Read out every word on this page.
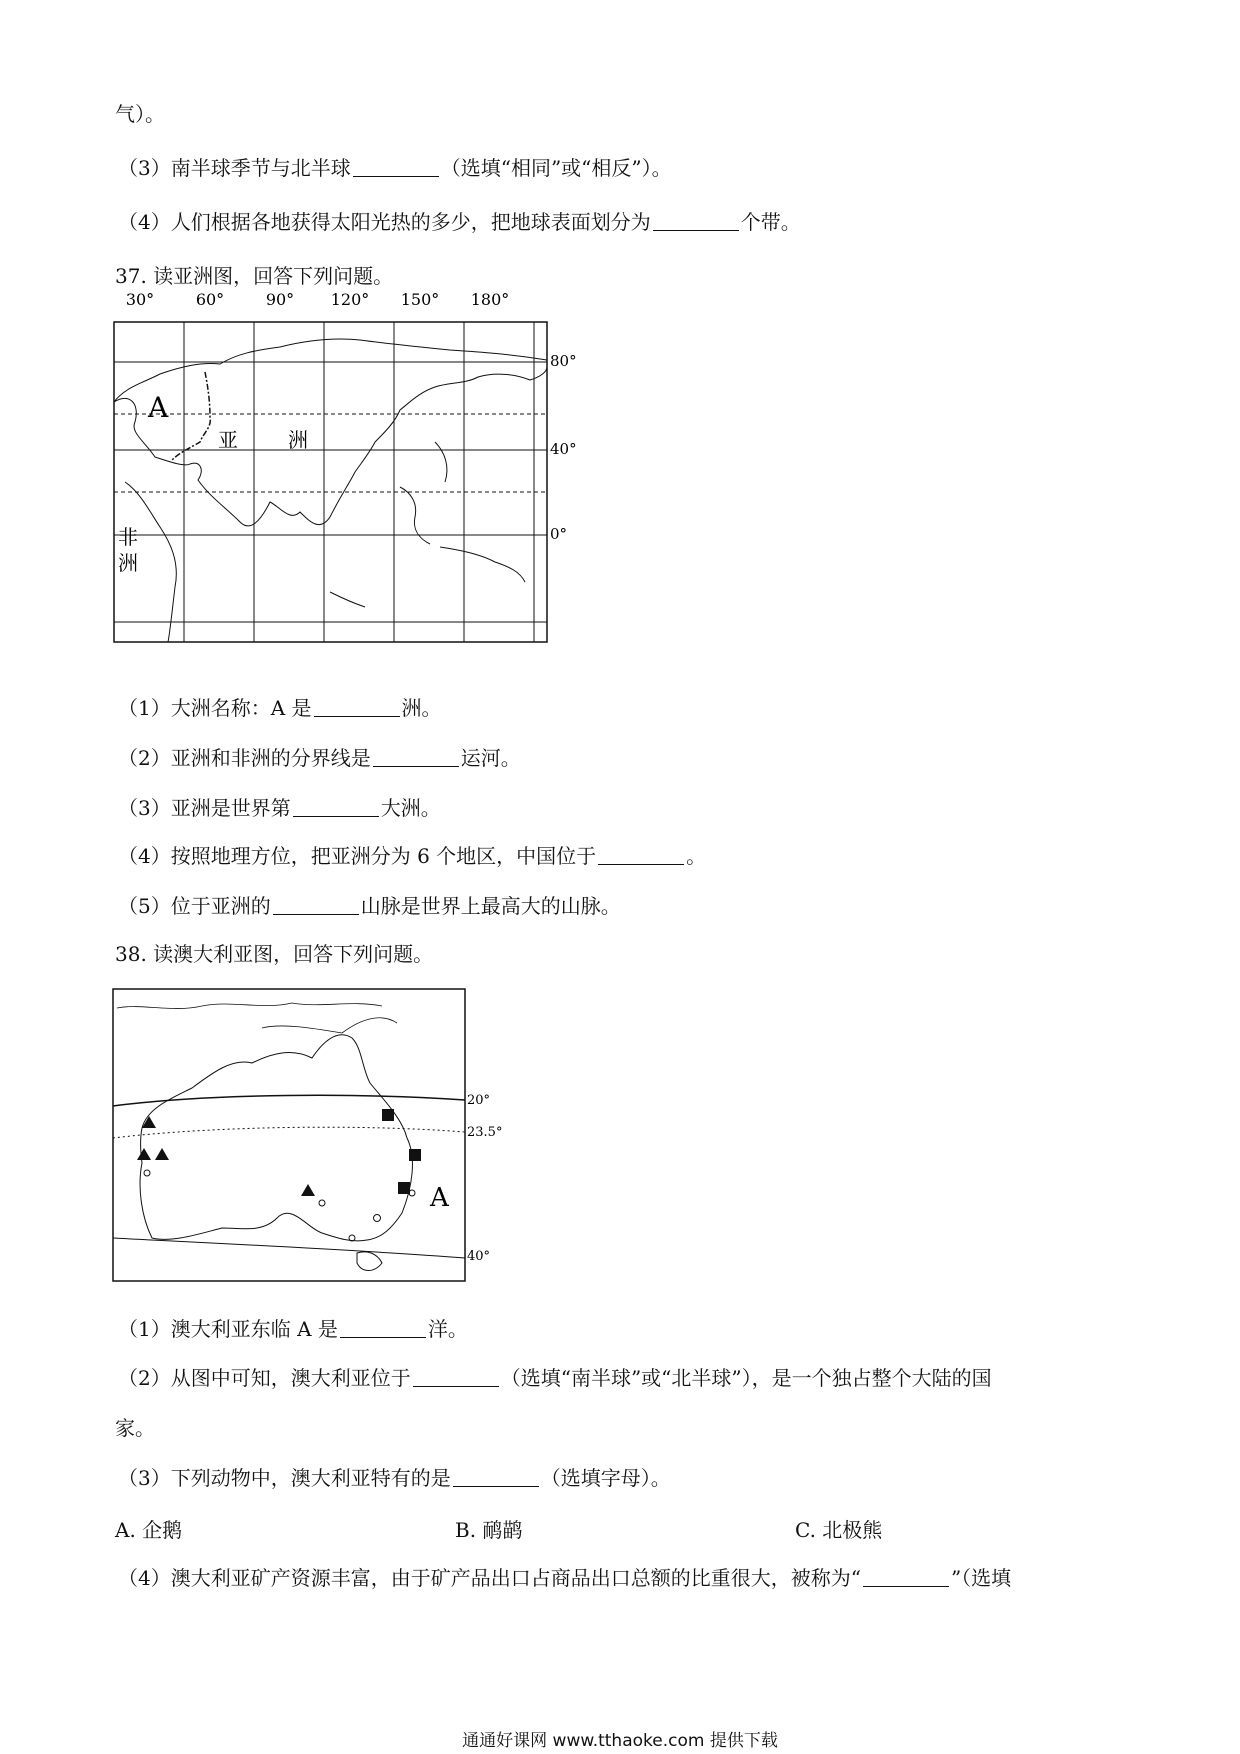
气）。
（3）南半球季节与北半球	（选填“相同”或“相反”）。
（4）人们根据各地获得太阳光热的多少，把地球表面划分为	个带。
37. 读亚洲图，回答下列问题。
30°	60°	90° 120° 150° 180°
80°
40°
0°
A
亚	洲
非
洲
（1）大洲名称：A 是	洲。
（2）亚洲和非洲的分界线是	运河。
（3）亚洲是世界第	大洲。
（4）按照地理方位，把亚洲分为 6 个地区，中国位于	。
（5）位于亚洲的	山脉是世界上最高大的山脉。
38. 读澳大利亚图，回答下列问题。
20°
23.5°
40°
A
（1）澳大利亚东临 A 是	洋。
（2）从图中可知，澳大利亚位于	（选填“南半球”或“北半球”），是一个独占整个大陆的国
家。
（3）下列动物中，澳大利亚特有的是	（选填字母）。
A. 企鹅	B. 鸸鹋	C. 北极熊
（4）澳大利亚矿产资源丰富，由于矿产品出口占商品出口总额的比重很大，被称为“	”（选填
通通好课网 www.tthaoke.com 提供下载
